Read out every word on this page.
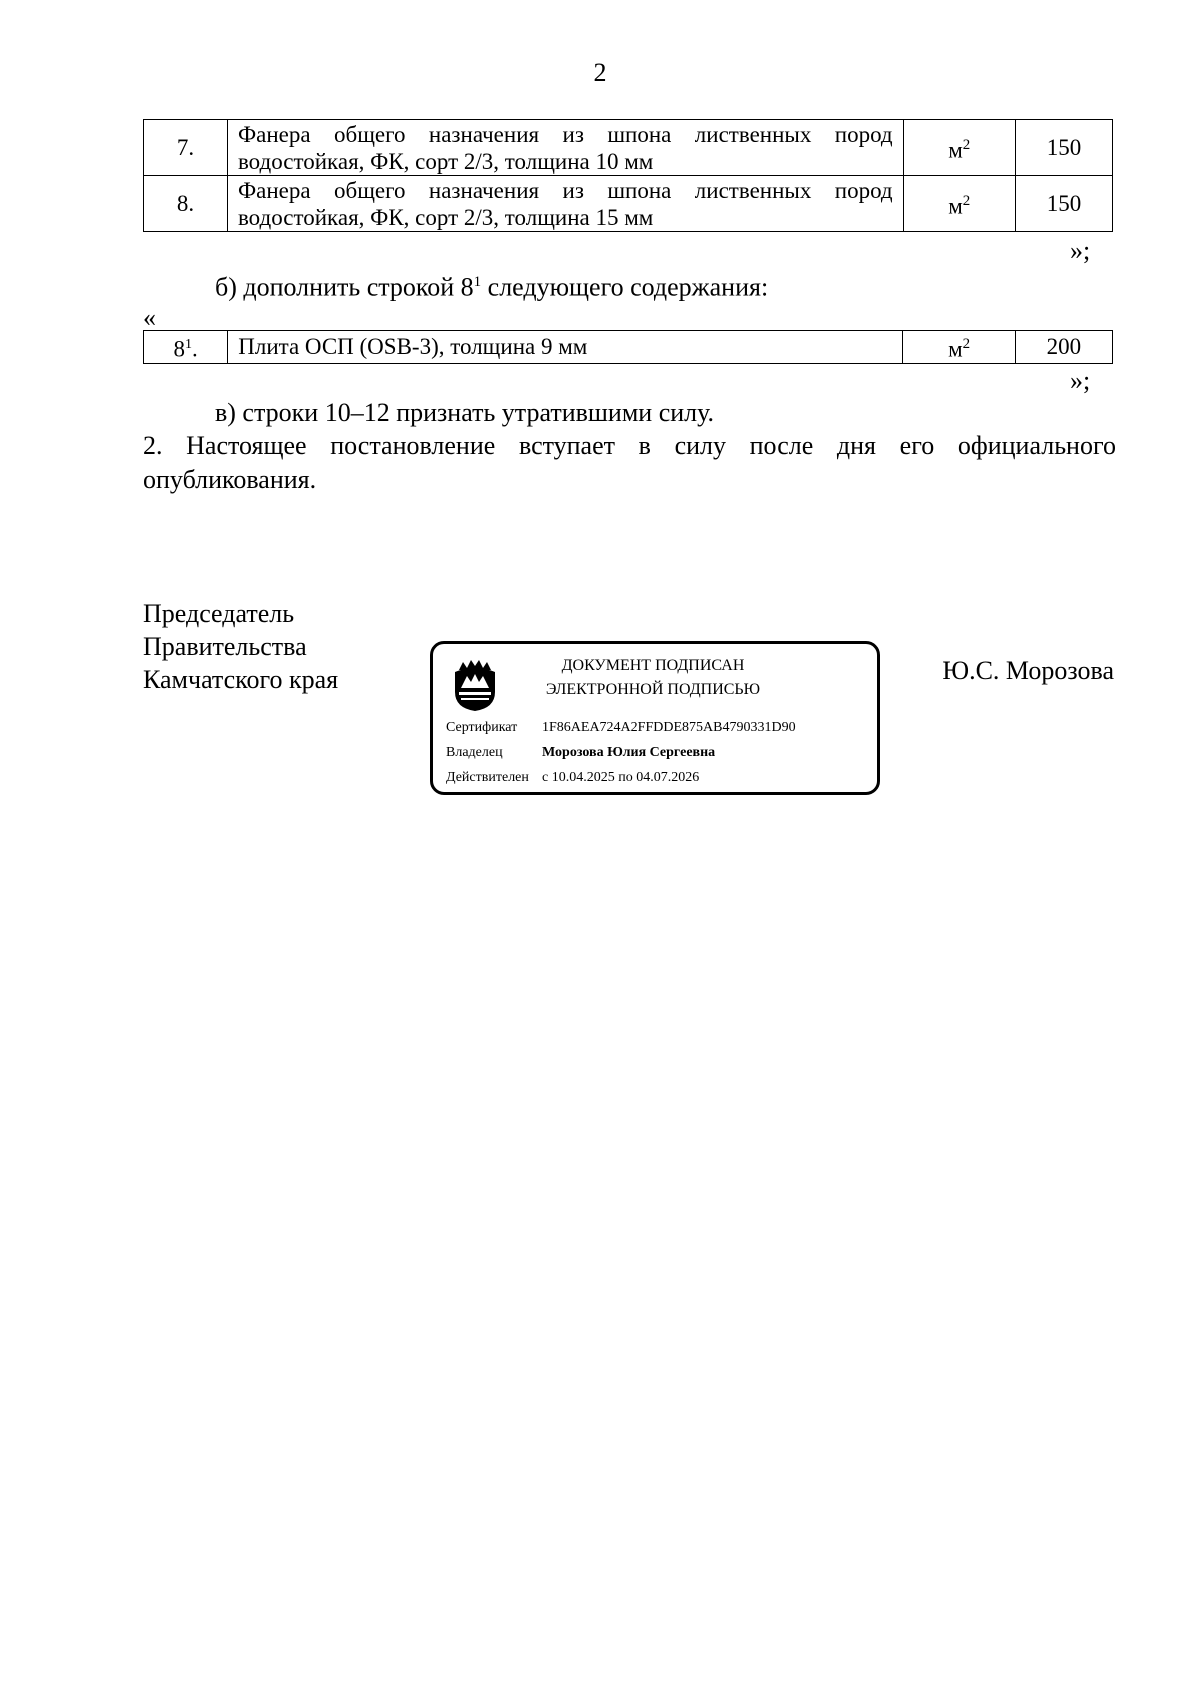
2
7.	Фанера общего назначения из шпона лиственных пород водостойкая, ФК, сорт 2/3, толщина 10 мм	$м^2$	150
8.	Фанера общего назначения из шпона лиственных пород водостойкая, ФК, сорт 2/3, толщина 15 мм	$м^2$	150
»;
б) дополнить строкой $8^1$ следующего содержания:
«
$8^1$.	Плита ОСП (OSB-3), толщина 9 мм	$м^2$	200
»;
в) строки 10–12 признать утратившими силу.
2. Настоящее постановление вступает в силу после дня его официального
опубликования.
Председатель
Правительства
Камчатского края	Ю.С. Морозова
ДОКУМЕНТ ПОДПИСАН
ЭЛЕКТРОННОЙ ПОДПИСЬЮ
Сертификат 1F86AEA724A2FFDDE875AB4790331D90
Владелец	Морозова Юлия Сергеевна
Действителен с 10.04.2025 по 04.07.2026
